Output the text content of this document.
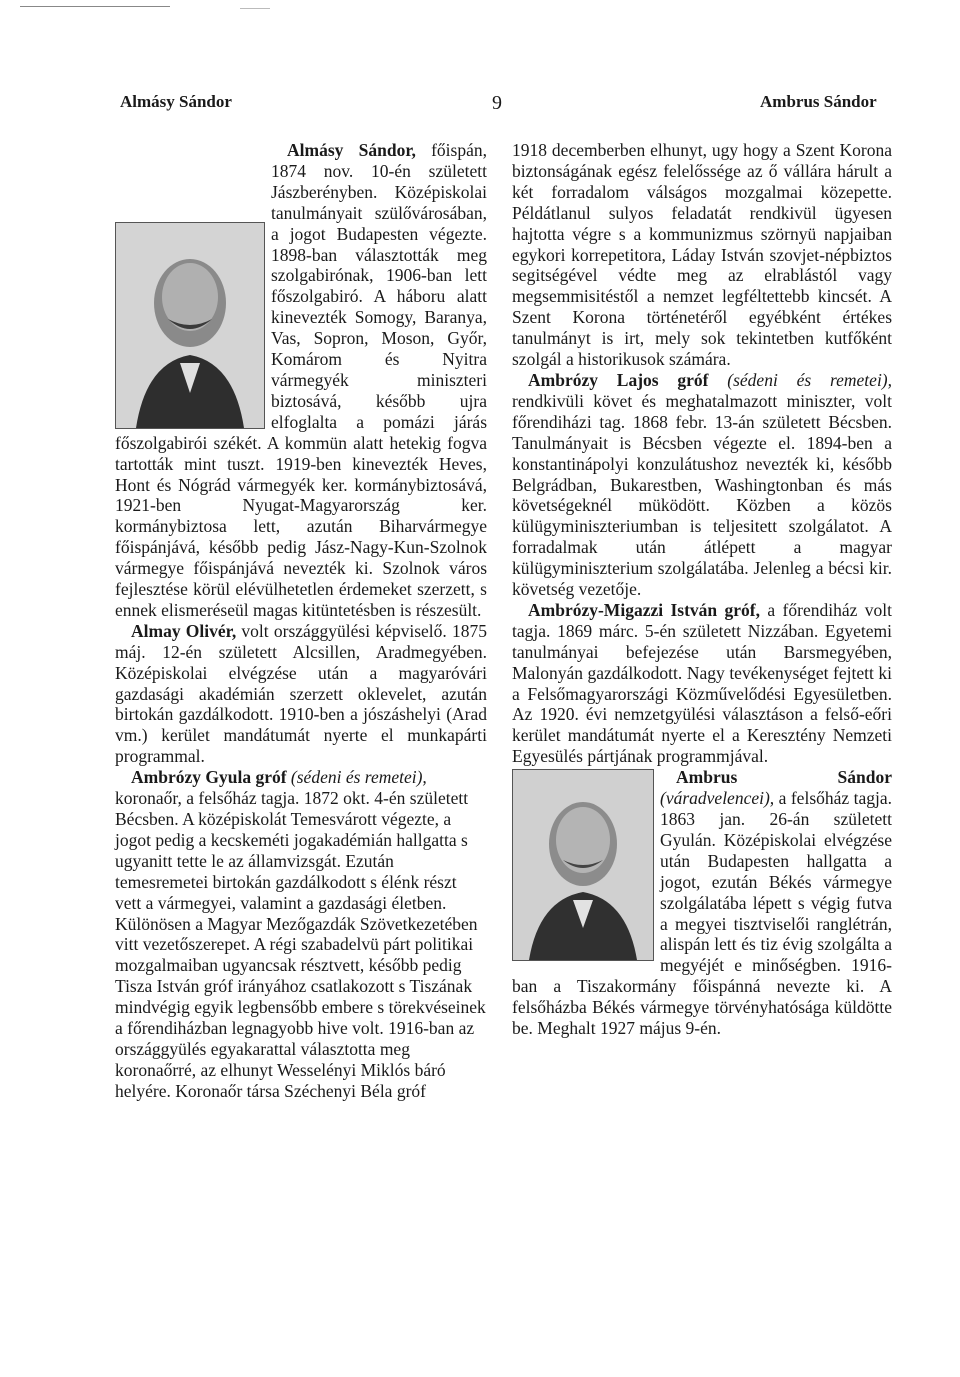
Almásy Sándor	9	Ambrus Sándor

Almásy Sándor, főispán, 1874 nov. 10-én született Jászberényben. Középiskolai tanulmányait szülővárosában, a jogot Budapesten végezte. 1898-ban választották meg szolgabirónak, 1906-ban lett főszolgabiró. A háboru alatt kinevezték Somogy, Baranya, Vas, Sopron, Moson, Győr, Komárom és Nyitra vármegyék miniszteri biztosává, később ujra elfoglalta a pomázi járás főszolgabirói székét. A kommün alatt hetekig fogva tartották mint tuszt. 1919-ben kinevezték Heves, Hont és Nógrád vármegyék ker. kormánybiztosává, 1921-ben Nyugat-Magyarország ker. kormánybiztosa lett, azután Biharvármegye főispánjává, később pedig Jász-Nagy-Kun-Szolnok vármegye főispánjává nevezték ki. Szolnok város fejlesztése körül elévülhetetlen érdemeket szerzett, s ennek elismeréseül magas kitüntetésben is részesült.

Almay Olivér, volt országgyülési képviselő. 1875 máj. 12-én született Alcsillen, Aradmegyében. Középiskolai elvégzése után a magyaróvári gazdasági akadémián szerzett oklevelet, azután birtokán gazdálkodott. 1910-ben a jószáshelyi (Arad vm.) kerület mandátumát nyerte el munkapárti programmal.

Ambrózy Gyula gróf (sédeni és remetei), koronaőr, a felsőház tagja. 1872 okt. 4-én született Bécsben. A középiskolát Temesvárott végezte, a jogot pedig a kecskeméti jogakadémián hallgatta s ugyanitt tette le az államvizsgát. Ezután temesremetei birtokán gazdálkodott s élénk részt vett a vármegyei, valamint a gazdasági életben. Különösen a Magyar Mezőgazdák Szövetkezetében vitt vezetőszerepet. A régi szabadelvü párt politikai mozgalmaiban ugyancsak résztvett, később pedig Tisza István gróf irányához csatlakozott s Tiszának mindvégig egyik legbensőbb embere s törekvéseinek a főrendiházban legnagyobb hive volt. 1916-ban az országgyülés egyakarattal választotta meg koronaőrré, az elhunyt Wesselényi Miklós báró helyére. Koronaőr társa Széchenyi Béla gróf

1918 decemberben elhunyt, ugy hogy a Szent Korona biztonságának egész felelőssége az ő vállára hárult a két forradalom válságos mozgalmai közepette. Példátlanul sulyos feladatát rendkivül ügyesen hajtotta végre s a kommunizmus szörnyü napjaiban egykori korrepetitora, Láday István szovjet-népbiztos segitségével védte meg az elrablástól vagy megsemmisitéstől a nemzet legféltettebb kincsét. A Szent Korona történetéről egyébként értékes tanulmányt is irt, mely sok tekintetben kutfőként szolgál a historikusok számára.

Ambrózy Lajos gróf (sédeni és remetei), rendkivüli követ és meghatalmazott miniszter, volt főrendiházi tag. 1868 febr. 13-án született Bécsben. Tanulmányait is Bécsben végezte el. 1894-ben a konstantinápolyi konzulátushoz nevezték ki, később Belgrádban, Bukarestben, Washingtonban és más követségeknél müködött. Közben a közös külügyminiszteriumban is teljesitett szolgálatot. A forradalmak után átlépett a magyar külügyminiszterium szolgálatába. Jelenleg a bécsi kir. követség vezetője.

Ambrózy-Migazzi István gróf, a főrendiház volt tagja. 1869 márc. 5-én született Nizzában. Egyetemi tanulmányai befejezése után Barsmegyében, Malonyán gazdálkodott. Nagy tevékenységet fejtett ki a Felsőmagyarországi Közművelődési Egyesületben. Az 1920. évi nemzetgyülési választáson a felső-eőri kerület mandátumát nyerte el a Keresztény Nemzeti Egyesülés pártjának programmjával.

Ambrus Sándor (váradvelencei), a felsőház tagja. 1863 jan. 26-án született Gyulán. Középiskolai elvégzése után Budapesten hallgatta a jogot, ezután Békés vármegye szolgálatába lépett s végig futva a megyei tisztviselői ranglétrán, alispán lett és tiz évig szolgálta a megyéjét e minőségben. 1916-ban a Tiszakormány főispánná nevezte ki. A felsőházba Békés vármegye törvényhatósága küldötte be. Meghalt 1927 május 9-én.
